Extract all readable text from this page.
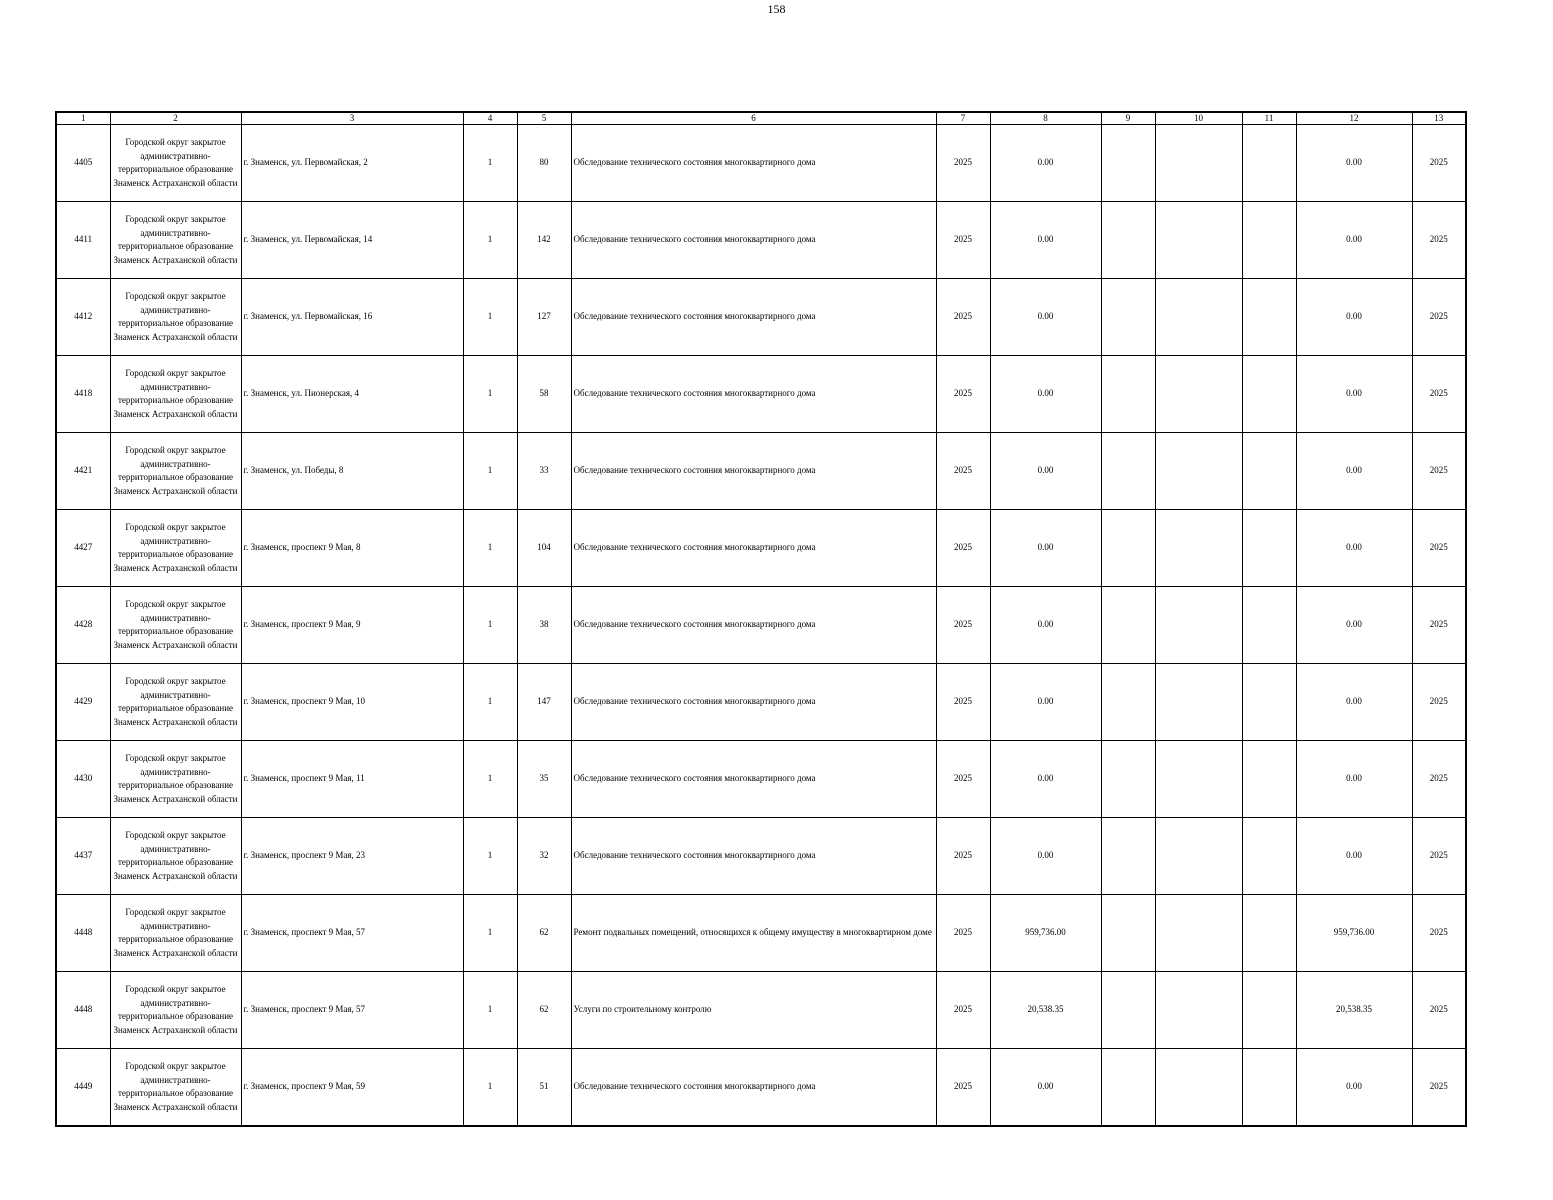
158
1	2	3	4	5	6	7	8	9	10	11	12	13
4405	Городской округ закрытое административно-территориальное образование Знаменск Астраханской области	г. Знаменск, ул. Первомайская, 2	1	80	Обследование технического состояния многоквартирного дома	2025	0.00				0.00	2025
4411	Городской округ закрытое административно-территориальное образование Знаменск Астраханской области	г. Знаменск, ул. Первомайская, 14	1	142	Обследование технического состояния многоквартирного дома	2025	0.00				0.00	2025
4412	Городской округ закрытое административно-территориальное образование Знаменск Астраханской области	г. Знаменск, ул. Первомайская, 16	1	127	Обследование технического состояния многоквартирного дома	2025	0.00				0.00	2025
4418	Городской округ закрытое административно-территориальное образование Знаменск Астраханской области	г. Знаменск, ул. Пионерская, 4	1	58	Обследование технического состояния многоквартирного дома	2025	0.00				0.00	2025
4421	Городской округ закрытое административно-территориальное образование Знаменск Астраханской области	г. Знаменск, ул. Победы, 8	1	33	Обследование технического состояния многоквартирного дома	2025	0.00				0.00	2025
4427	Городской округ закрытое административно-территориальное образование Знаменск Астраханской области	г. Знаменск, проспект 9 Мая, 8	1	104	Обследование технического состояния многоквартирного дома	2025	0.00				0.00	2025
4428	Городской округ закрытое административно-территориальное образование Знаменск Астраханской области	г. Знаменск, проспект 9 Мая, 9	1	38	Обследование технического состояния многоквартирного дома	2025	0.00				0.00	2025
4429	Городской округ закрытое административно-территориальное образование Знаменск Астраханской области	г. Знаменск, проспект 9 Мая, 10	1	147	Обследование технического состояния многоквартирного дома	2025	0.00				0.00	2025
4430	Городской округ закрытое административно-территориальное образование Знаменск Астраханской области	г. Знаменск, проспект 9 Мая, 11	1	35	Обследование технического состояния многоквартирного дома	2025	0.00				0.00	2025
4437	Городской округ закрытое административно-территориальное образование Знаменск Астраханской области	г. Знаменск, проспект 9 Мая, 23	1	32	Обследование технического состояния многоквартирного дома	2025	0.00				0.00	2025
4448	Городской округ закрытое административно-территориальное образование Знаменск Астраханской области	г. Знаменск, проспект 9 Мая, 57	1	62	Ремонт подвальных помещений, относящихся к общему имуществу в многоквартирном доме	2025	959,736.00				959,736.00	2025
4448	Городской округ закрытое административно-территориальное образование Знаменск Астраханской области	г. Знаменск, проспект 9 Мая, 57	1	62	Услуги по строительному контролю	2025	20,538.35				20,538.35	2025
4449	Городской округ закрытое административно-территориальное образование Знаменск Астраханской области	г. Знаменск, проспект 9 Мая, 59	1	51	Обследование технического состояния многоквартирного дома	2025	0.00				0.00	2025
